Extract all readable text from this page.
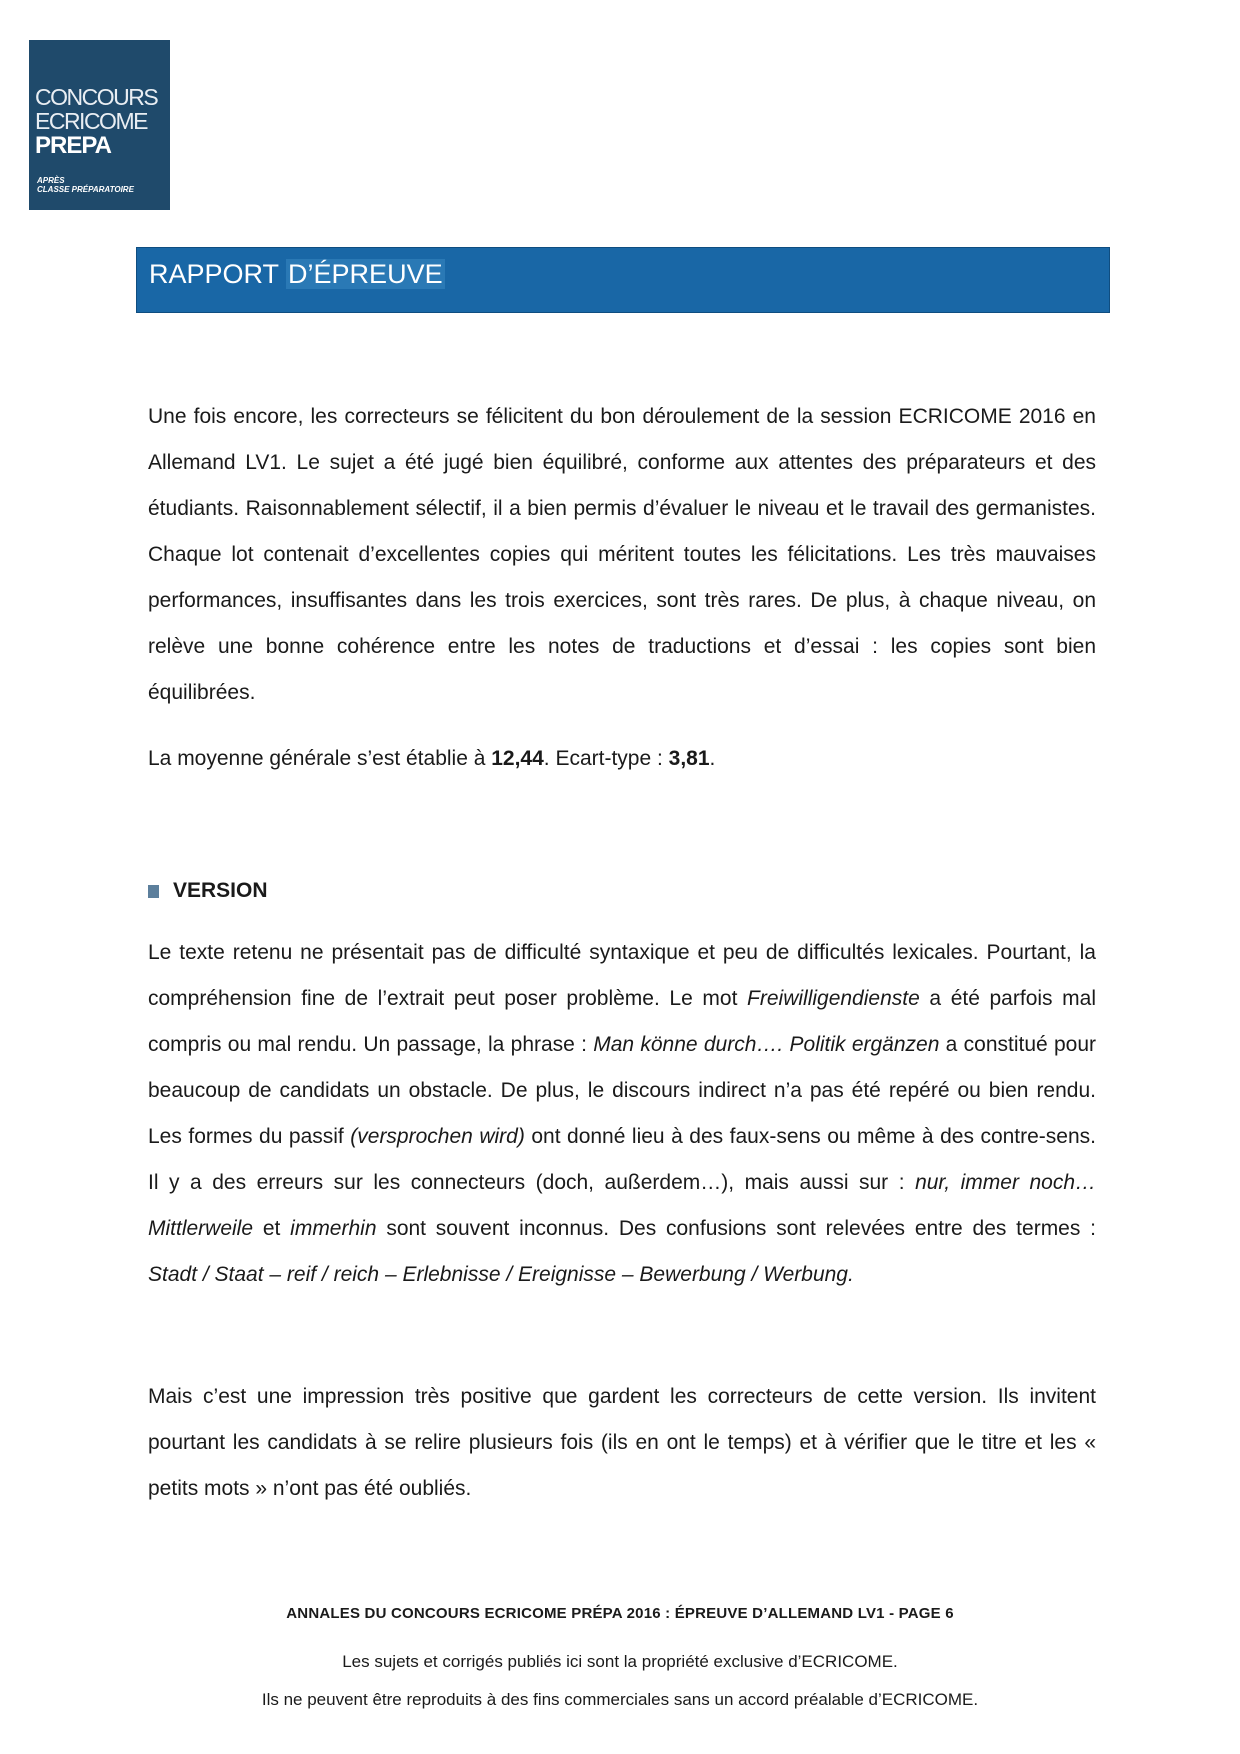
CONCOURS
ECRICOME
PREPA
APRÈS
CLASSE PRÉPARATOIRE
RAPPORT D’ÉPREUVE

Une fois encore, les correcteurs se félicitent du bon déroulement de la session ECRICOME 2016 en Allemand LV1. Le sujet a été jugé bien équilibré, conforme aux attentes des préparateurs et des étudiants. Raisonnablement sélectif, il a bien permis d’évaluer le niveau et le travail des germanistes. Chaque lot contenait d’excellentes copies qui méritent toutes les félicitations. Les très mauvaises performances, insuffisantes dans les trois exercices, sont très rares. De plus, à chaque niveau, on relève une bonne cohérence entre les notes de traductions et d’essai : les copies sont bien équilibrées.

La moyenne générale s’est établie à 12,44. Ecart-type : 3,81.

VERSION

Le texte retenu ne présentait pas de difficulté syntaxique et peu de difficultés lexicales. Pourtant, la compréhension fine de l’extrait peut poser problème. Le mot Freiwilligendienste a été parfois mal compris ou mal rendu. Un passage, la phrase : Man könne durch…. Politik ergänzen a constitué pour beaucoup de candidats un obstacle. De plus, le discours indirect n’a pas été repéré ou bien rendu. Les formes du passif (versprochen wird) ont donné lieu à des faux-sens ou même à des contre-sens. Il y a des erreurs sur les connecteurs (doch, außerdem…), mais aussi sur : nur, immer noch… Mittlerweile et immerhin sont souvent inconnus. Des confusions sont relevées entre des termes : Stadt / Staat – reif / reich – Erlebnisse / Ereignisse – Bewerbung / Werbung.

Mais c’est une impression très positive que gardent les correcteurs de cette version. Ils invitent pourtant les candidats à se relire plusieurs fois (ils en ont le temps) et à vérifier que le titre et les « petits mots » n’ont pas été oubliés.

ANNALES DU CONCOURS ECRICOME PRÉPA 2016 : ÉPREUVE D’ALLEMAND LV1 - PAGE 6
Les sujets et corrigés publiés ici sont la propriété exclusive d’ECRICOME.
Ils ne peuvent être reproduits à des fins commerciales sans un accord préalable d’ECRICOME.
